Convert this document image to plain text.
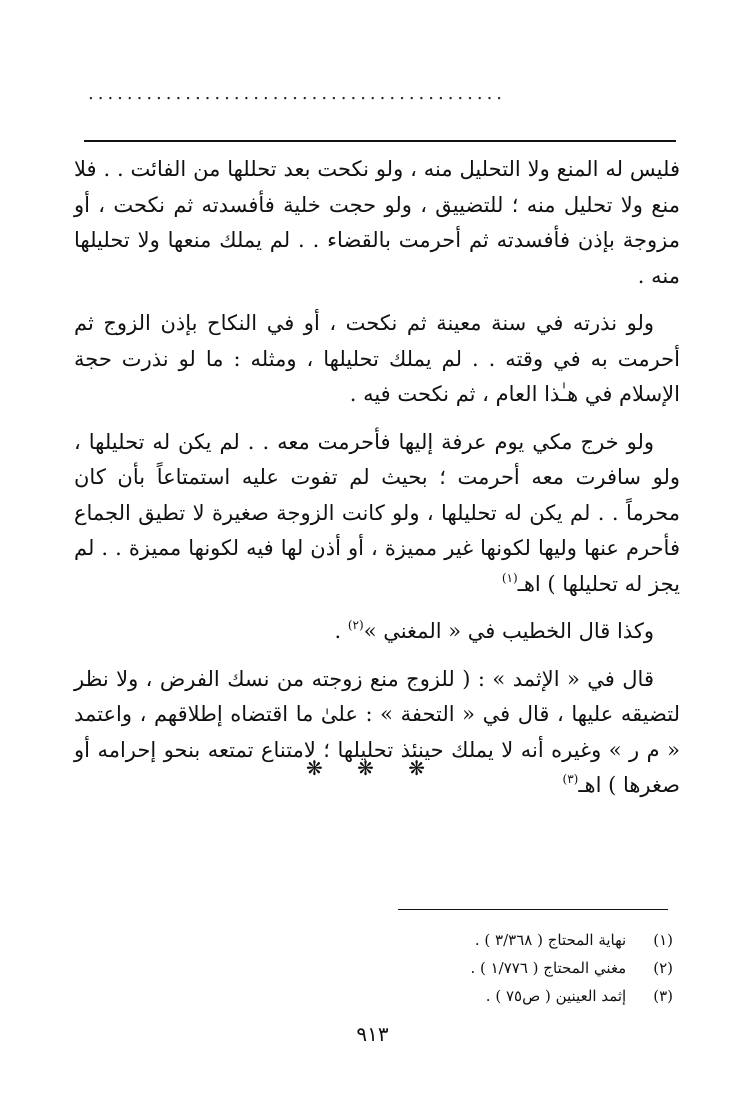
...........................................

فليس له المنع ولا التحليل منه ، ولو نكحت بعد تحللها من الفائت . . فلا منع ولا تحليل منه ؛ للتضييق ، ولو حجت خلية فأفسدته ثم نكحت ، أو مزوجة بإذن فأفسدته ثم أحرمت بالقضاء . . لم يملك منعها ولا تحليلها منه .

ولو نذرته في سنة معينة ثم نكحت ، أو في النكاح بإذن الزوج ثم أحرمت به في وقته . . لم يملك تحليلها ، ومثله : ما لو نذرت حجة الإسلام في هـٰذا العام ، ثم نكحت فيه .

ولو خرج مكي يوم عرفة إليها فأحرمت معه . . لم يكن له تحليلها ، ولو سافرت معه أحرمت ؛ بحيث لم تفوت عليه استمتاعاً بأن كان محرماً . . لم يكن له تحليلها ، ولو كانت الزوجة صغيرة لا تطيق الجماع فأحرم عنها وليها لكونها غير مميزة ، أو أذن لها فيه لكونها مميزة . . لم يجز له تحليلها ) اهـ$^{(١)}$

وكذا قال الخطيب في « المغني »$^{(٢)}$ .

قال في « الإثمد » : ( للزوج منع زوجته من نسك الفرض ، ولا نظر لتضيقه عليها ، قال في « التحفة » : علىٰ ما اقتضاه إطلاقهم ، واعتمد « م ر » وغيره أنه لا يملك حينئذ تحليلها ؛ لامتناع تمتعه بنحو إحرامه أو صغرها ) اهـ$^{(٣)}$

❋ ❋ ❋
(١) نهاية المحتاج ( ٣/٣٦٨ ) .
(٢) مغني المحتاج ( ١/٧٧٦ ) .
(٣) إثمد العينين ( ص٧٥ ) .
٩١٣
